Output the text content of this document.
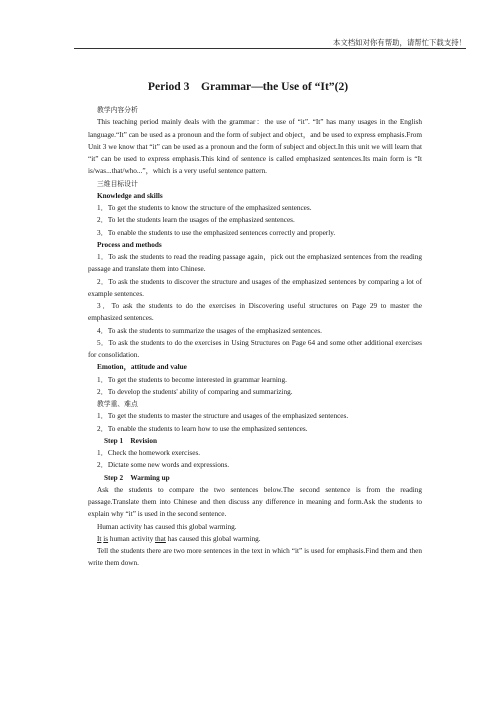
本文档如对你有帮助，请帮忙下载支持！
Period 3　Grammar—the Use of “It”(2)

教学内容分析

This teaching period mainly deals with the grammar：the use of “it”. “It” has many usages in the English language.“It” can be used as a pronoun and the form of subject and object，and be used to express emphasis.From Unit 3 we know that “it” can be used as a pronoun and the form of subject and object.In this unit we will learn that “it” can be used to express emphasis.This kind of sentence is called emphasized sentences.Its main form is “It is/was...that/who...”，which is a very useful sentence pattern.

三维目标设计

Knowledge and skills

1．To get the students to know the structure of the emphasized sentences.

2．To let the students learn the usages of the emphasized sentences.

3．To enable the students to use the emphasized sentences correctly and properly.

Process and methods

1．To ask the students to read the reading passage again，pick out the emphasized sentences from the reading passage and translate them into Chinese.

2．To ask the students to discover the structure and usages of the emphasized sentences by comparing a lot of example sentences.

3．To ask the students to do the exercises in Discovering useful structures on Page 29 to master the emphasized sentences.

4．To ask the students to summarize the usages of the emphasized sentences.

5．To ask the students to do the exercises in Using Structures on Page 64 and some other additional exercises for consolidation.

Emotion，attitude and value

1．To get the students to become interested in grammar learning.

2．To develop the students' ability of comparing and summarizing.

教学重、难点

1．To get the students to master the structure and usages of the emphasized sentences.

2．To enable the students to learn how to use the emphasized sentences.

Step 1　Revision

1．Check the homework exercises.

2．Dictate some new words and expressions.

Step 2　Warming up

Ask the students to compare the two sentences below.The second sentence is from the reading passage.Translate them into Chinese and then discuss any difference in meaning and form.Ask the students to explain why “it” is used in the second sentence.

Human activity has caused this global warming.

It is human activity that has caused this global warming.

Tell the students there are two more sentences in the text in which “it” is used for emphasis.Find them and then write them down.
